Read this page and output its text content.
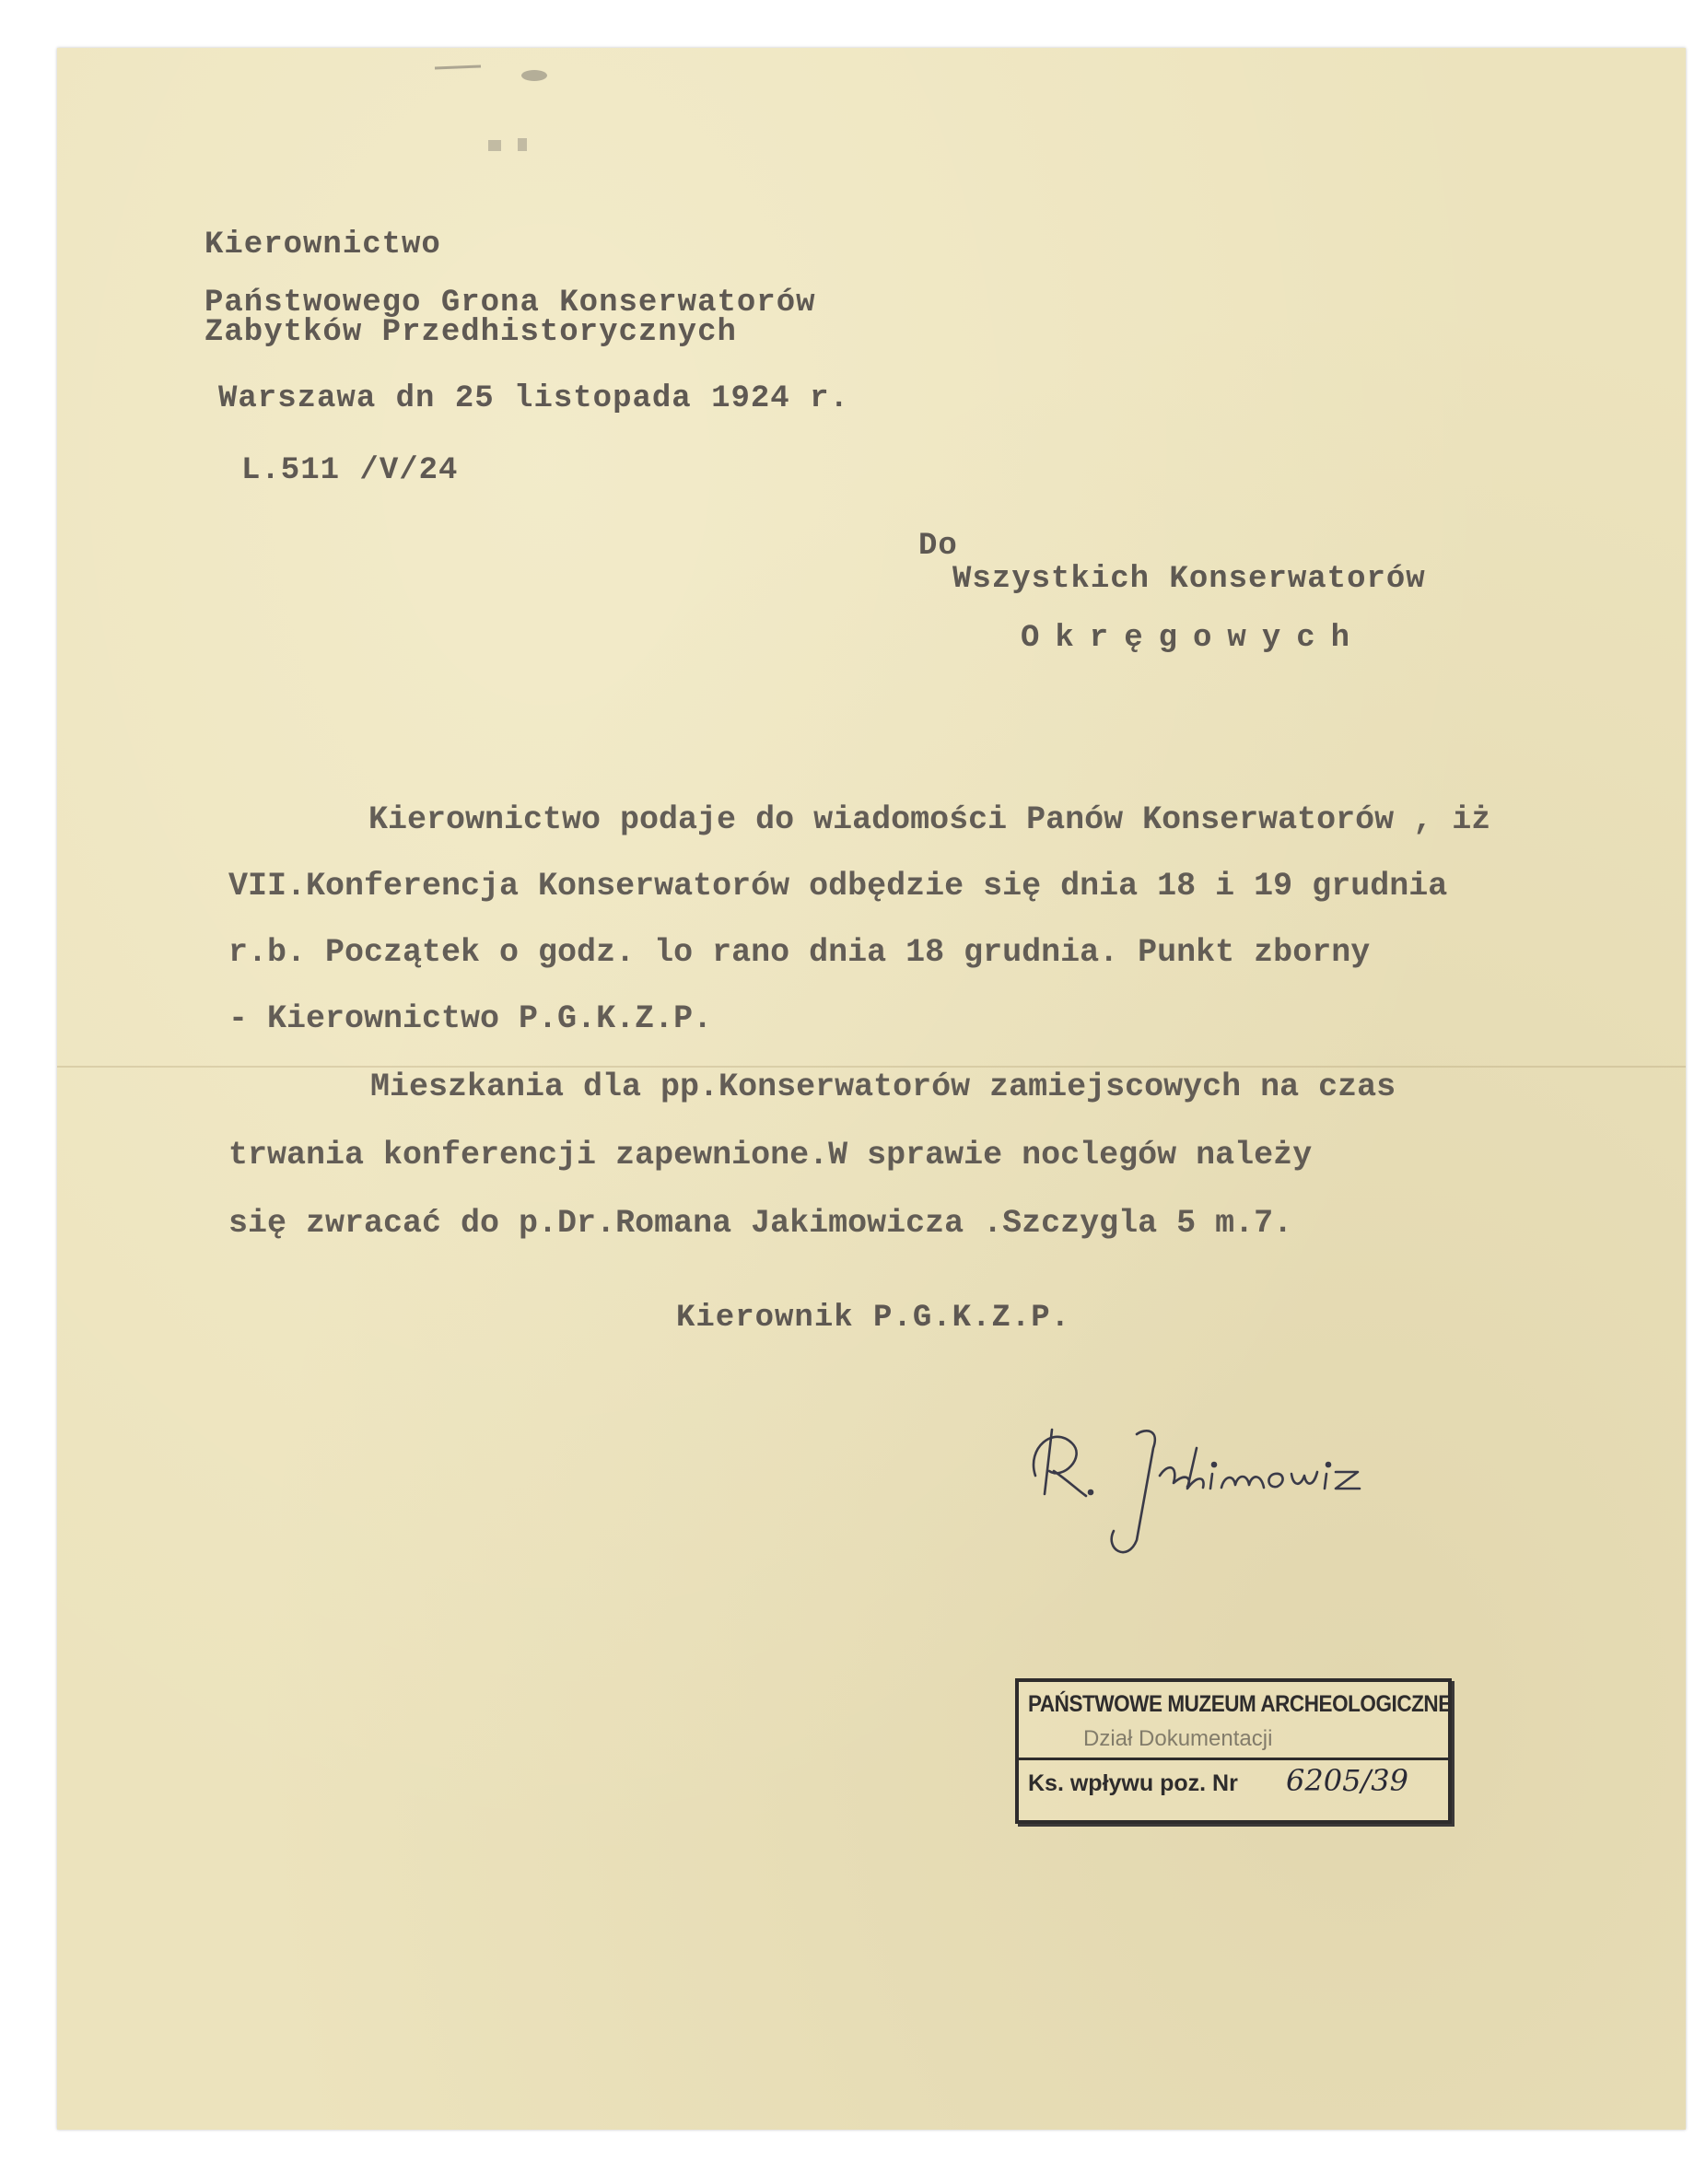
Kierownictwo

Państwowego Grona Konserwatorów

Zabytków Przedhistorycznych

Warszawa dn 25 listopada 1924 r.

L.511 /V/24

Do

Wszystkich Konserwatorów

Okręgowych

Kierownictwo podaje do wiadomości Panów Konserwatorów , iż

VII.Konferencja Konserwatorów odbędzie się dnia 18 i 19 grudnia

r.b. Początek o godz. lo rano dnia 18 grudnia. Punkt zborny

- Kierownictwo P.G.K.Z.P.

Mieszkania dla pp.Konserwatorów zamiejscowych na czas

trwania konferencji zapewnione.W sprawie noclegów należy

się zwracać do p.Dr.Romana Jakimowicza .Szczygla 5 m.7.

Kierownik P.G.K.Z.P.

R. Jakimowicz
PAŃSTWOWE MUZEUM ARCHEOLOGICZNE
Dział Dokumentacji
Ks. wpływu poz. Nr 6205/39
